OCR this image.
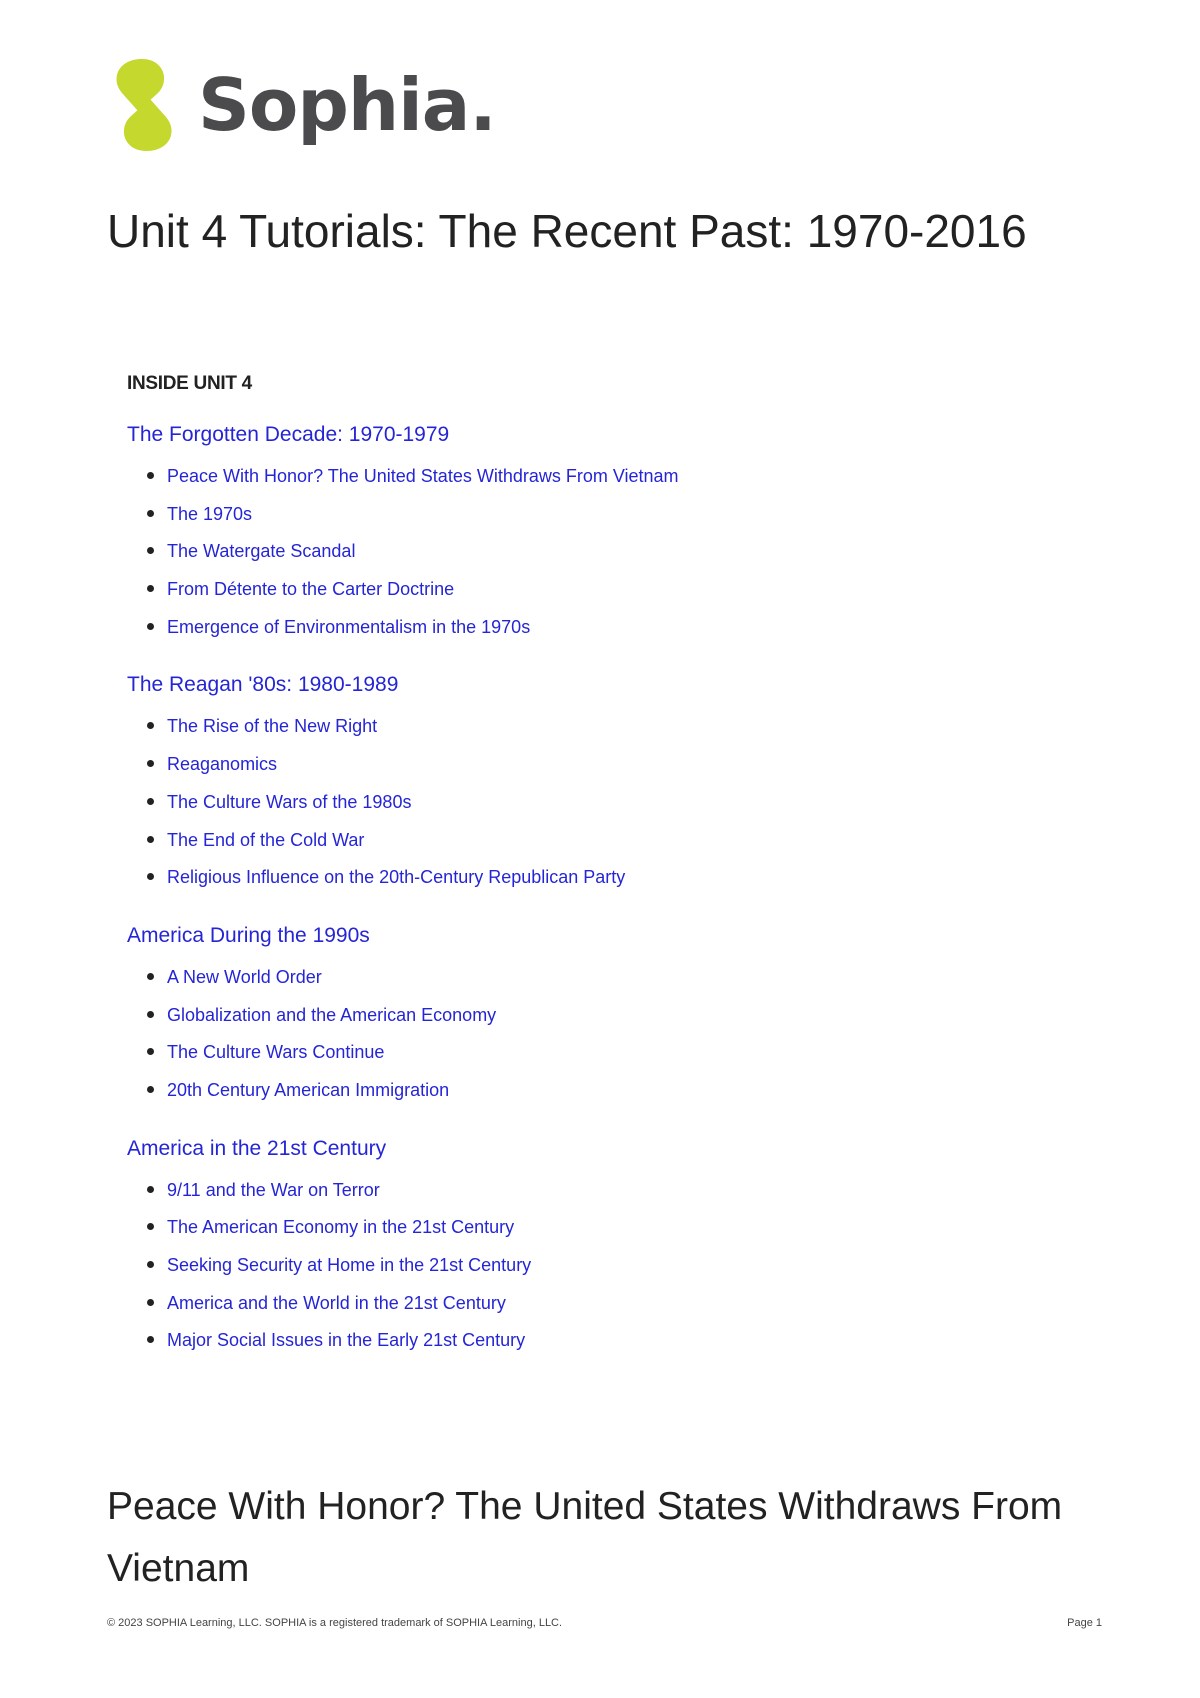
Sophia.
Unit 4 Tutorials: The Recent Past: 1970-2016
INSIDE UNIT 4
The Forgotten Decade: 1970-1979
Peace With Honor? The United States Withdraws From Vietnam
The 1970s
The Watergate Scandal
From Détente to the Carter Doctrine
Emergence of Environmentalism in the 1970s
The Reagan '80s: 1980-1989
The Rise of the New Right
Reaganomics
The Culture Wars of the 1980s
The End of the Cold War
Religious Influence on the 20th-Century Republican Party
America During the 1990s
A New World Order
Globalization and the American Economy
The Culture Wars Continue
20th Century American Immigration
America in the 21st Century
9/11 and the War on Terror
The American Economy in the 21st Century
Seeking Security at Home in the 21st Century
America and the World in the 21st Century
Major Social Issues in the Early 21st Century
Peace With Honor? The United States Withdraws From Vietnam
© 2023 SOPHIA Learning, LLC. SOPHIA is a registered trademark of SOPHIA Learning, LLC.	Page 1
